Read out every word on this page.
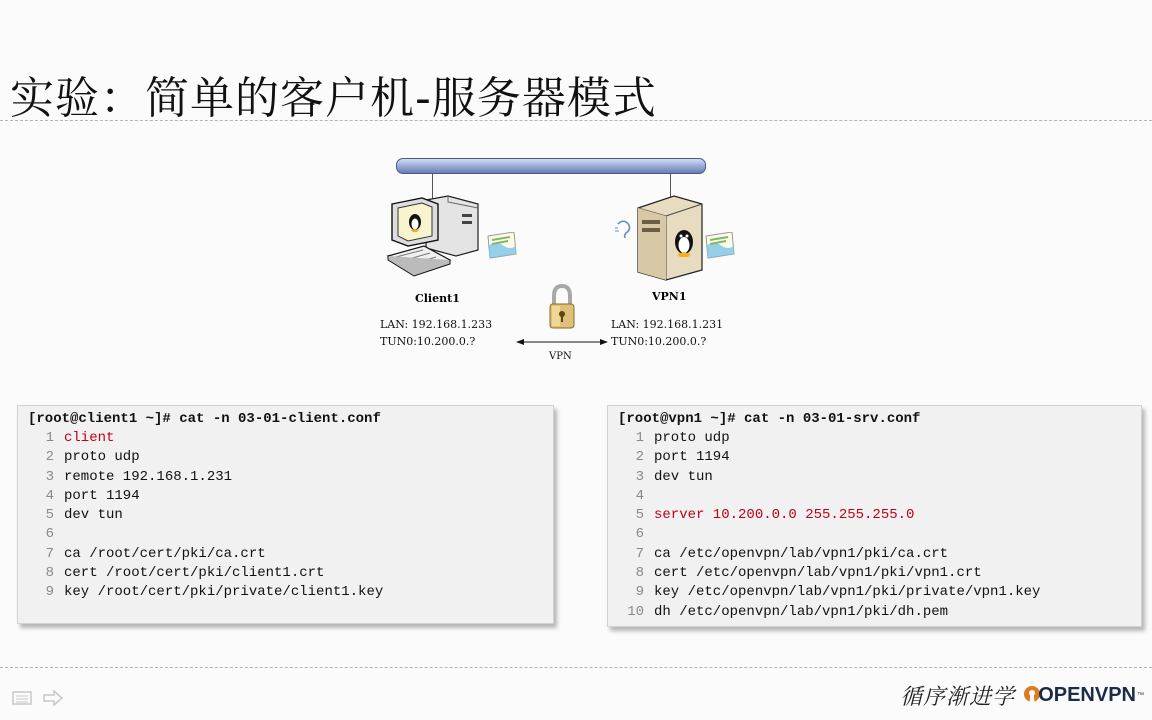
实验：简单的客户机-服务器模式
Client1	VPN1
LAN: 192.168.1.233
TUN0:10.200.0.?
LAN: 192.168.1.231
TUN0:10.200.0.?
VPN
[root@client1 ~]# cat -n 03-01-client.conf
1 client
2 proto udp
3 remote 192.168.1.231
4 port 1194
5 dev tun
6
7 ca /root/cert/pki/ca.crt
8 cert /root/cert/pki/client1.crt
9 key /root/cert/pki/private/client1.key
[root@vpn1 ~]# cat -n 03-01-srv.conf
1 proto udp
2 port 1194
3 dev tun
4
5 server 10.200.0.0 255.255.255.0
6
7 ca /etc/openvpn/lab/vpn1/pki/ca.crt
8 cert /etc/openvpn/lab/vpn1/pki/vpn1.crt
9 key /etc/openvpn/lab/vpn1/pki/private/vpn1.key
10 dh /etc/openvpn/lab/vpn1/pki/dh.pem
循序渐进学 OPEN VPN ™
